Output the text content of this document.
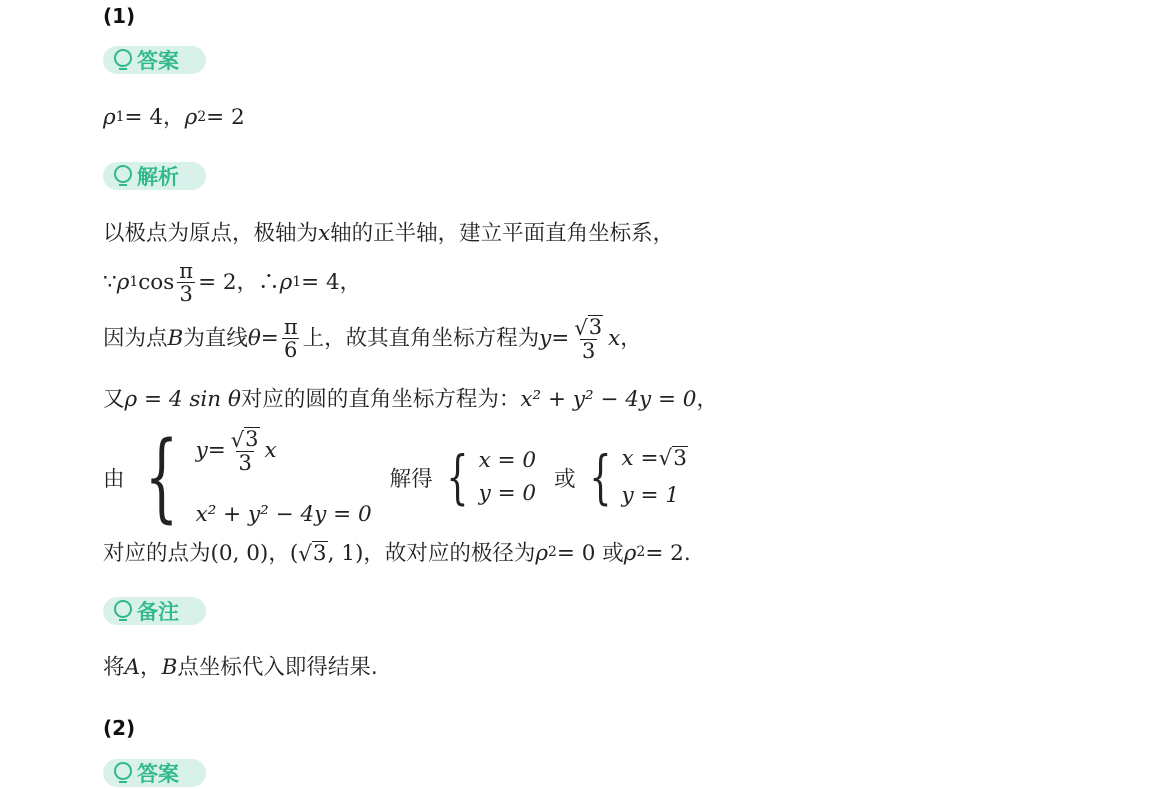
(1)
答案
ρ 1 = 4， ρ 2 = 2
解析
以极点为原点，极轴为 x 轴的正半轴，建立平面直角坐标系，
∵ ρ 1 $\cos \frac{\pi}{3} = 2$，∴ ρ 1 = 4，
因为点 B 为直线 $\theta = \frac{\pi}{6}$ 上，故其直角坐标方程为 $y = \frac{√ 3}{3}$ x ，
又 ρ = 4 sin θ 对应的圆的直角坐标方程为： x² + y² − 4y = 0 ，
由 { $y = \frac{√ 3}{3}$ x
x² + y² − 4y = 0
解得 { x = 0
y = 0
或 { x = √ 3
y = 1
对应的点为 (0, 0)，( √ 3 , 1) ，故对应的极径为 ρ 2 = 0 或 ρ 2 = 2.
备注
将 A ， B 点坐标代入即得结果.
(2)
答案
